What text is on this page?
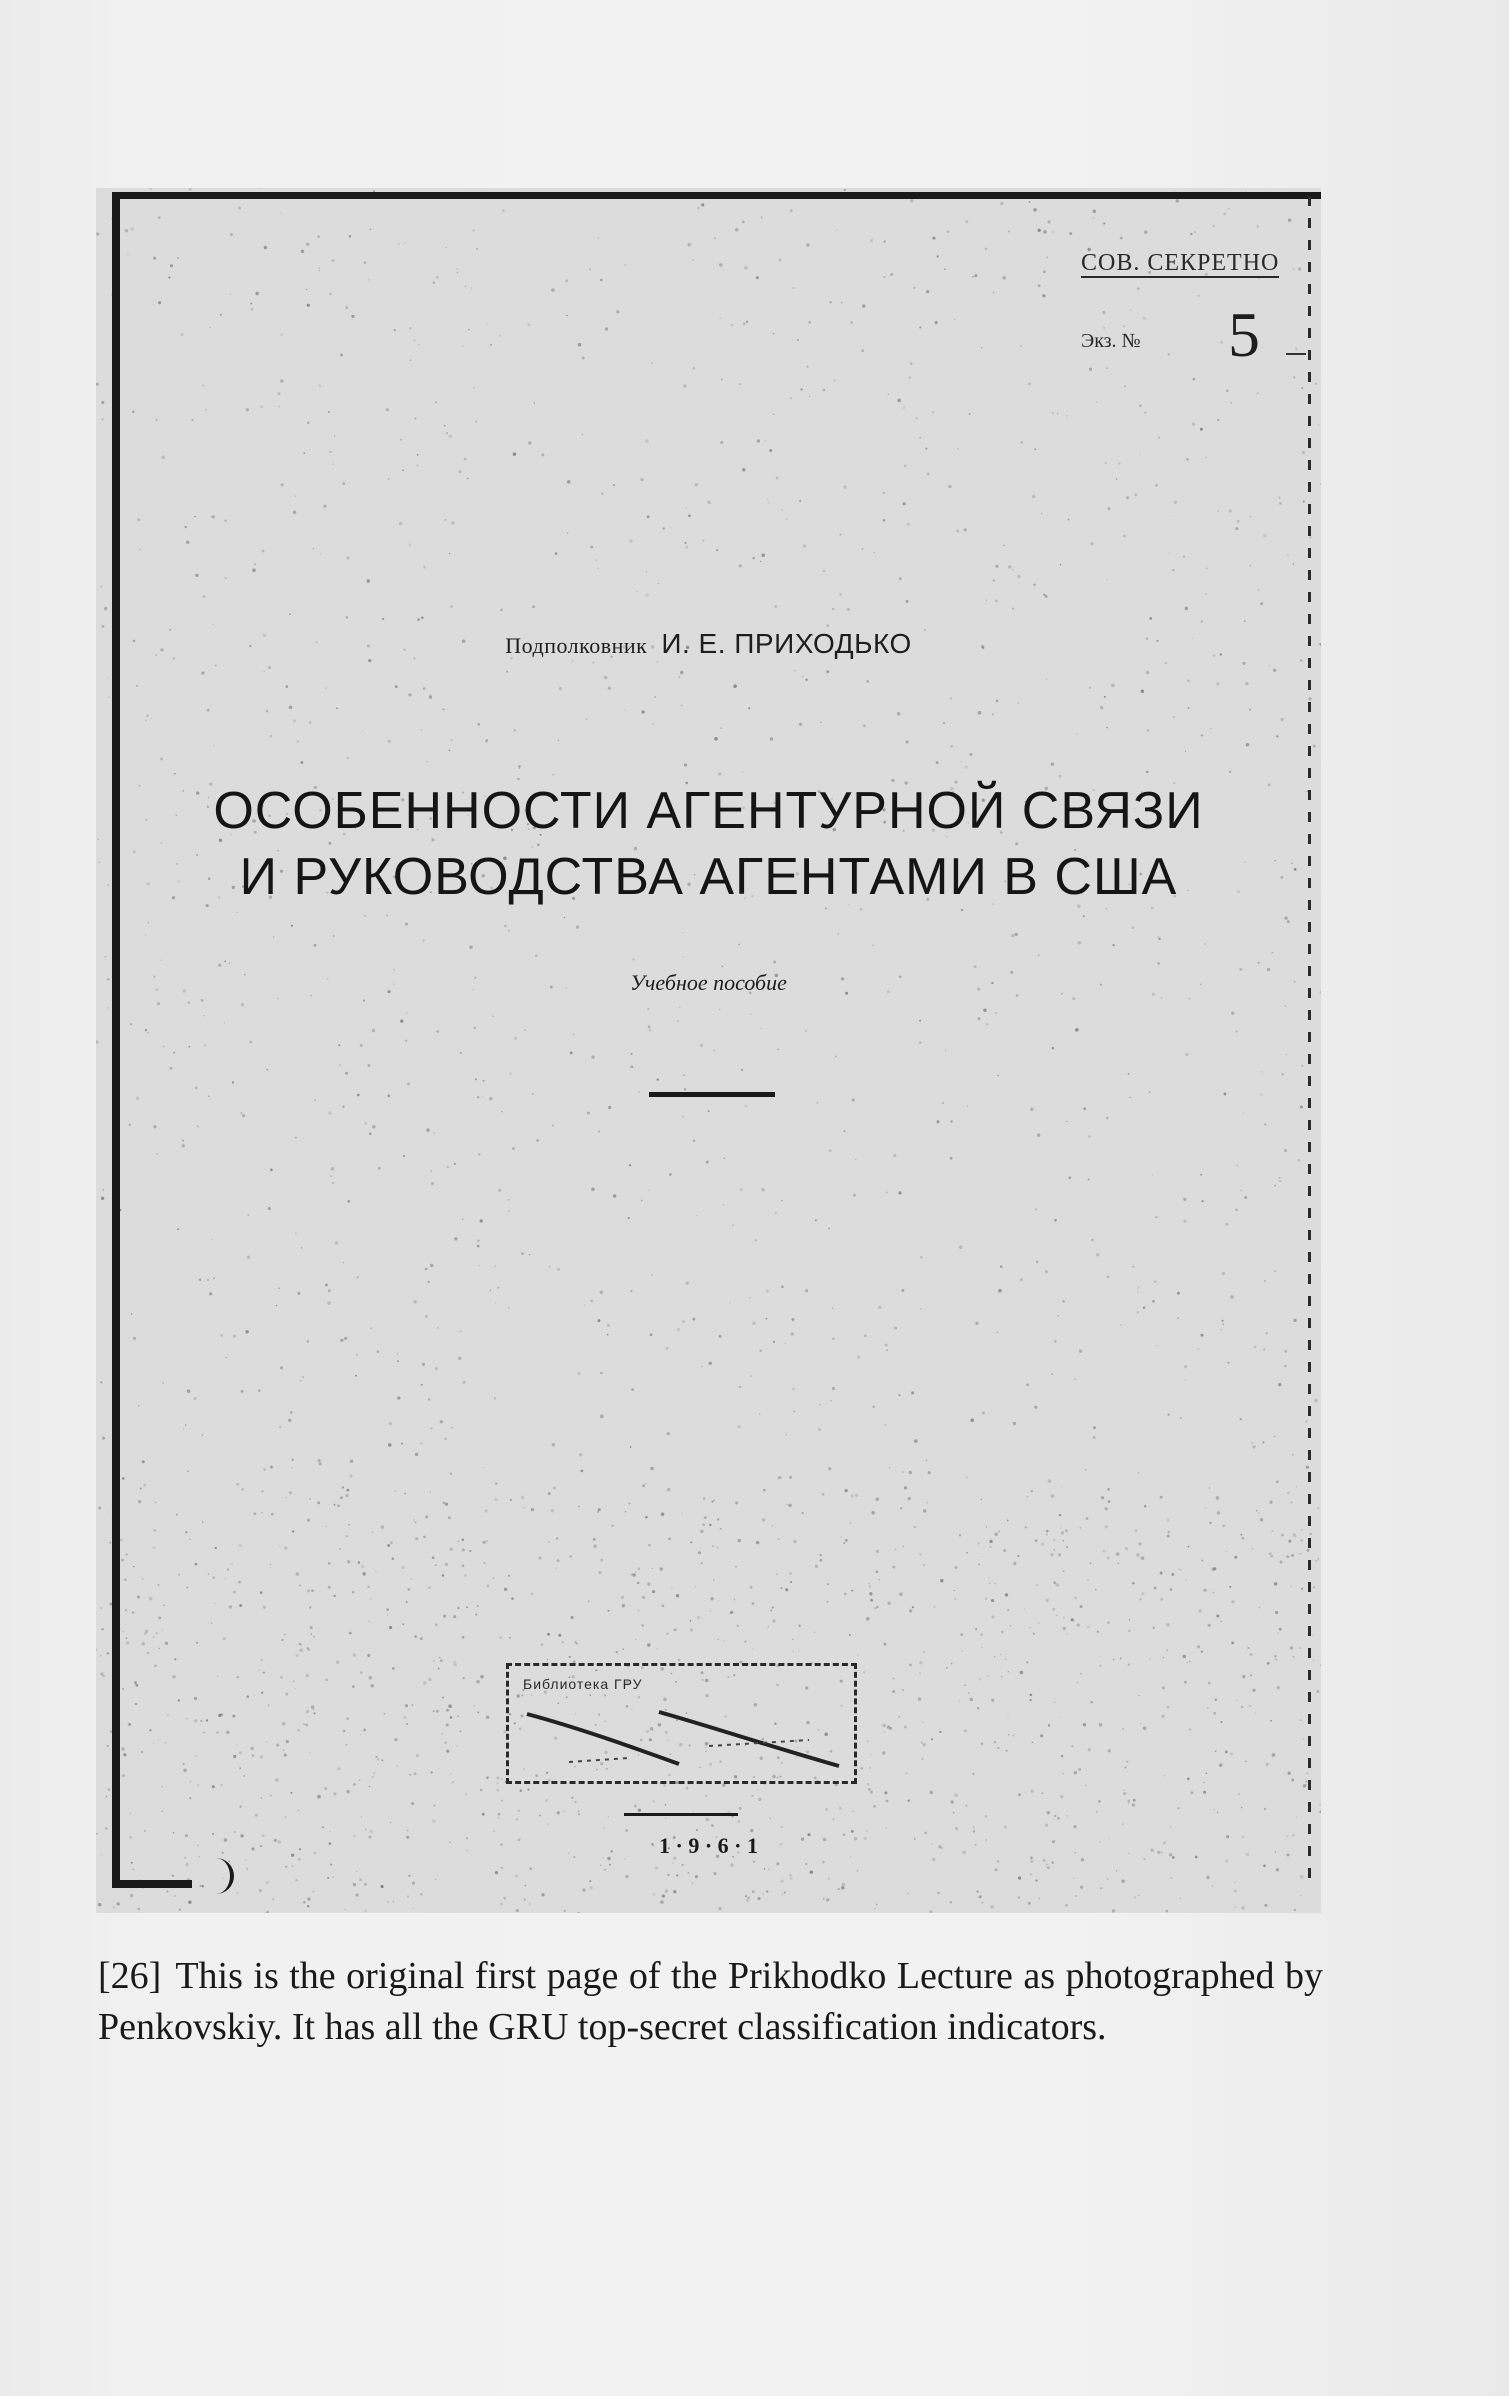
СОВ. СЕКРЕТНО
Экз. № 5
Подполковник И. Е. ПРИХОДЬКО
ОСОБЕННОСТИ АГЕНТУРНОЙ СВЯЗИ
И РУКОВОДСТВА АГЕНТАМИ В США
Учебное пособие
Библиотека ГРУ
1 · 9 · 6 · 1
[26] This is the original first page of the Prikhodko Lecture as photographed by Penkovskiy. It has all the GRU top-secret classification indicators.
